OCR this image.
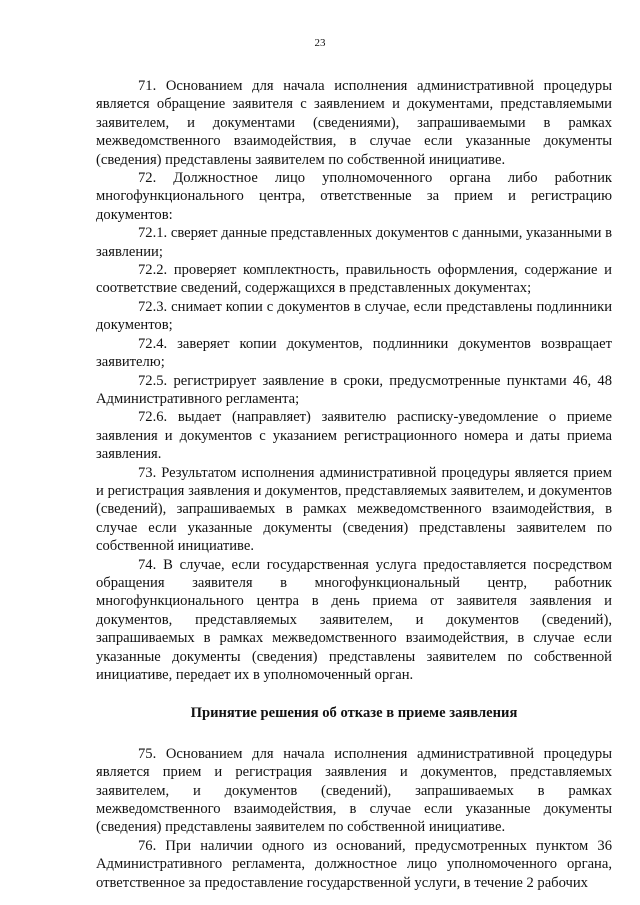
23

71. Основанием для начала исполнения административной процедуры является обращение заявителя с заявлением и документами, представляемыми заявителем, и документами (сведениями), запрашиваемыми в рамках межведомственного взаимодействия, в случае если указанные документы (сведения) представлены заявителем по собственной инициативе.

72. Должностное лицо уполномоченного органа либо работник многофункционального центра, ответственные за прием и регистрацию документов:

72.1. сверяет данные представленных документов с данными, указанными в заявлении;

72.2. проверяет комплектность, правильность оформления, содержание и соответствие сведений, содержащихся в представленных документах;

72.3. снимает копии с документов в случае, если представлены подлинники документов;

72.4. заверяет копии документов, подлинники документов возвращает заявителю;

72.5. регистрирует заявление в сроки, предусмотренные пунктами 46, 48 Административного регламента;

72.6. выдает (направляет) заявителю расписку-уведомление о приеме заявления и документов с указанием регистрационного номера и даты приема заявления.

73. Результатом исполнения административной процедуры является прием и регистрация заявления и документов, представляемых заявителем, и документов (сведений), запрашиваемых в рамках межведомственного взаимодействия, в случае если указанные документы (сведения) представлены заявителем по собственной инициативе.

74. В случае, если государственная услуга предоставляется посредством обращения заявителя в многофункциональный центр, работник многофункционального центра в день приема от заявителя заявления и документов, представляемых заявителем, и документов (сведений), запрашиваемых в рамках межведомственного взаимодействия, в случае если указанные документы (сведения) представлены заявителем по собственной инициативе, передает их в уполномоченный орган.

Принятие решения об отказе в приеме заявления

75. Основанием для начала исполнения административной процедуры является прием и регистрация заявления и документов, представляемых заявителем, и документов (сведений), запрашиваемых в рамках межведомственного взаимодействия, в случае если указанные документы (сведения) представлены заявителем по собственной инициативе.

76. При наличии одного из оснований, предусмотренных пунктом 36 Административного регламента, должностное лицо уполномоченного органа, ответственное за предоставление государственной услуги, в течение 2 рабочих
